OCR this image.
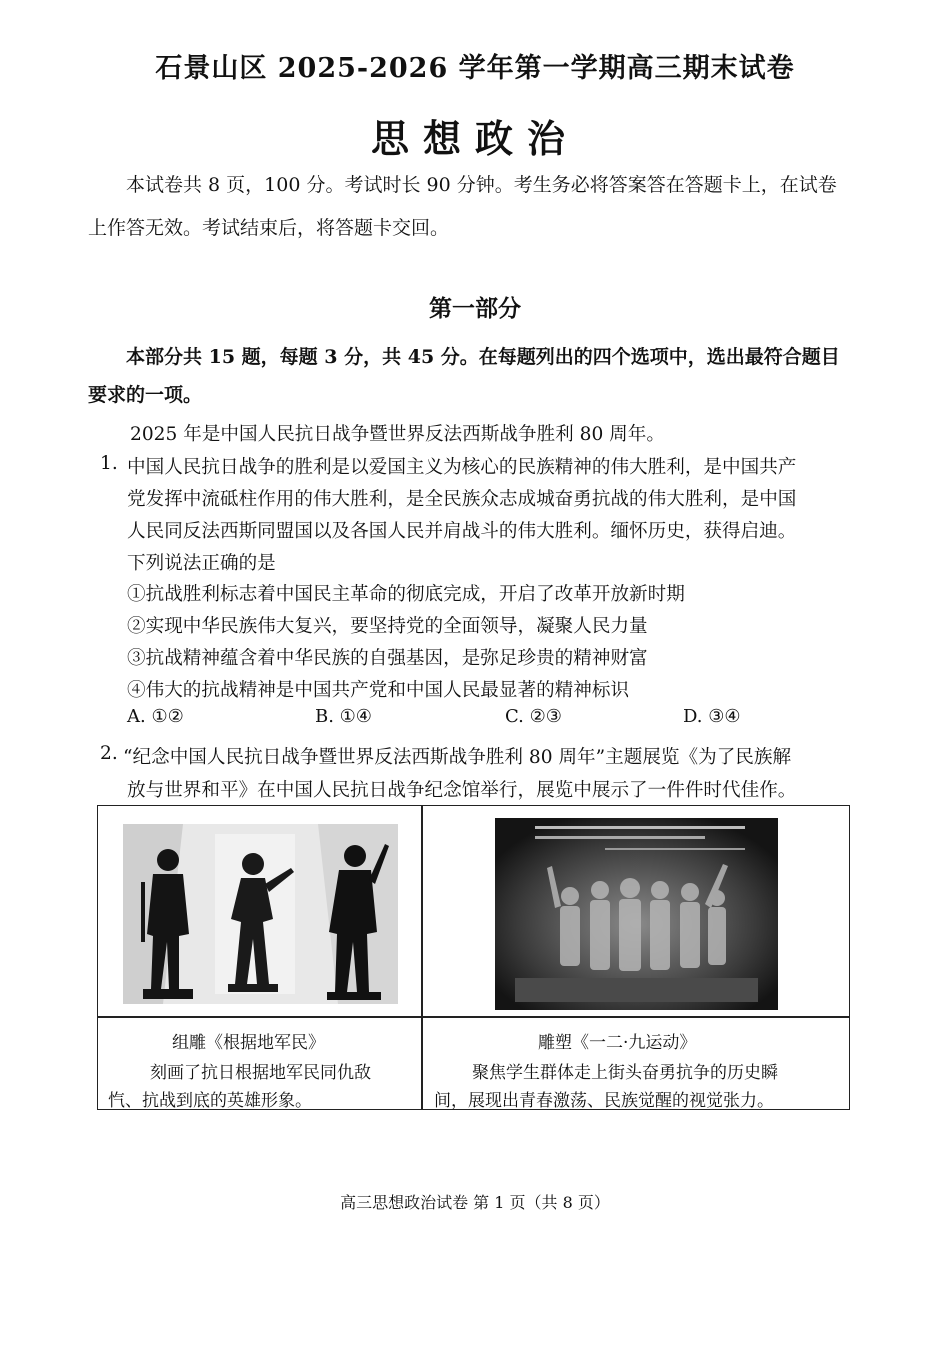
石景山区 2025-2026 学年第一学期高三期末试卷
思想政治
本试卷共 8 页，100 分。考试时长 90 分钟。考生务必将答案答在答题卡上，在试卷
上作答无效。考试结束后，将答题卡交回。
第一部分
本部分共 15 题，每题 3 分，共 45 分。在每题列出的四个选项中，选出最符合题目
要求的一项。
2025 年是中国人民抗日战争暨世界反法西斯战争胜利 80 周年。
1. 中国人民抗日战争的胜利是以爱国主义为核心的民族精神的伟大胜利，是中国共产
党发挥中流砥柱作用的伟大胜利，是全民族众志成城奋勇抗战的伟大胜利，是中国
人民同反法西斯同盟国以及各国人民并肩战斗的伟大胜利。缅怀历史，获得启迪。
下列说法正确的是
①抗战胜利标志着中国民主革命的彻底完成，开启了改革开放新时期
②实现中华民族伟大复兴，要坚持党的全面领导，凝聚人民力量
③抗战精神蕴含着中华民族的自强基因，是弥足珍贵的精神财富
④伟大的抗战精神是中国共产党和中国人民最显著的精神标识
A. ①②	B. ①④	C. ②③	D. ③④
2. “纪念中国人民抗日战争暨世界反法西斯战争胜利 80 周年”主题展览《为了民族解
放与世界和平》在中国人民抗日战争纪念馆举行，展览中展示了一件件时代佳作。
组雕《根据地军民》
刻画了抗日根据地军民同仇敌
忾、抗战到底的英雄形象。
雕塑《一二·九运动》
聚焦学生群体走上街头奋勇抗争的历史瞬
间，展现出青春激荡、民族觉醒的视觉张力。
高三思想政治试卷 第 1 页（共 8 页）
